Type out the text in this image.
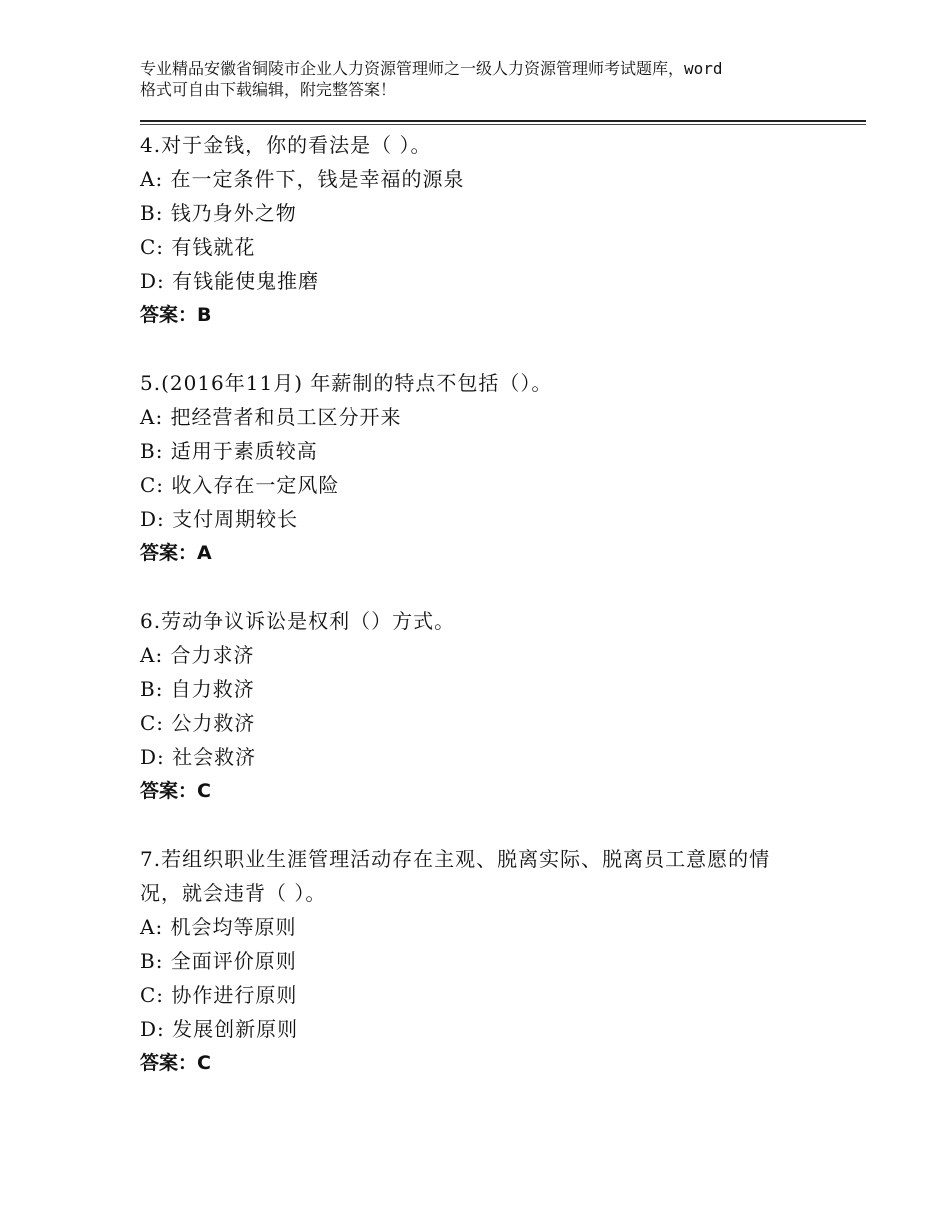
专业精品安徽省铜陵市企业人力资源管理师之一级人力资源管理师考试题库，word
格式可自由下载编辑，附完整答案！
4.对于金钱，你的看法是（ ）。
A: 在一定条件下，钱是幸福的源泉
B: 钱乃身外之物
C: 有钱就花
D: 有钱能使鬼推磨
答案：B
5.(2016年11月) 年薪制的特点不包括（）。
A: 把经营者和员工区分开来
B: 适用于素质较高
C: 收入存在一定风险
D: 支付周期较长
答案：A
6.劳动争议诉讼是权利（）方式。
A: 合力求济
B: 自力救济
C: 公力救济
D: 社会救济
答案：C
7.若组织职业生涯管理活动存在主观、脱离实际、脱离员工意愿的情
况，就会违背（ ）。
A: 机会均等原则
B: 全面评价原则
C: 协作进行原则
D: 发展创新原则
答案：C
